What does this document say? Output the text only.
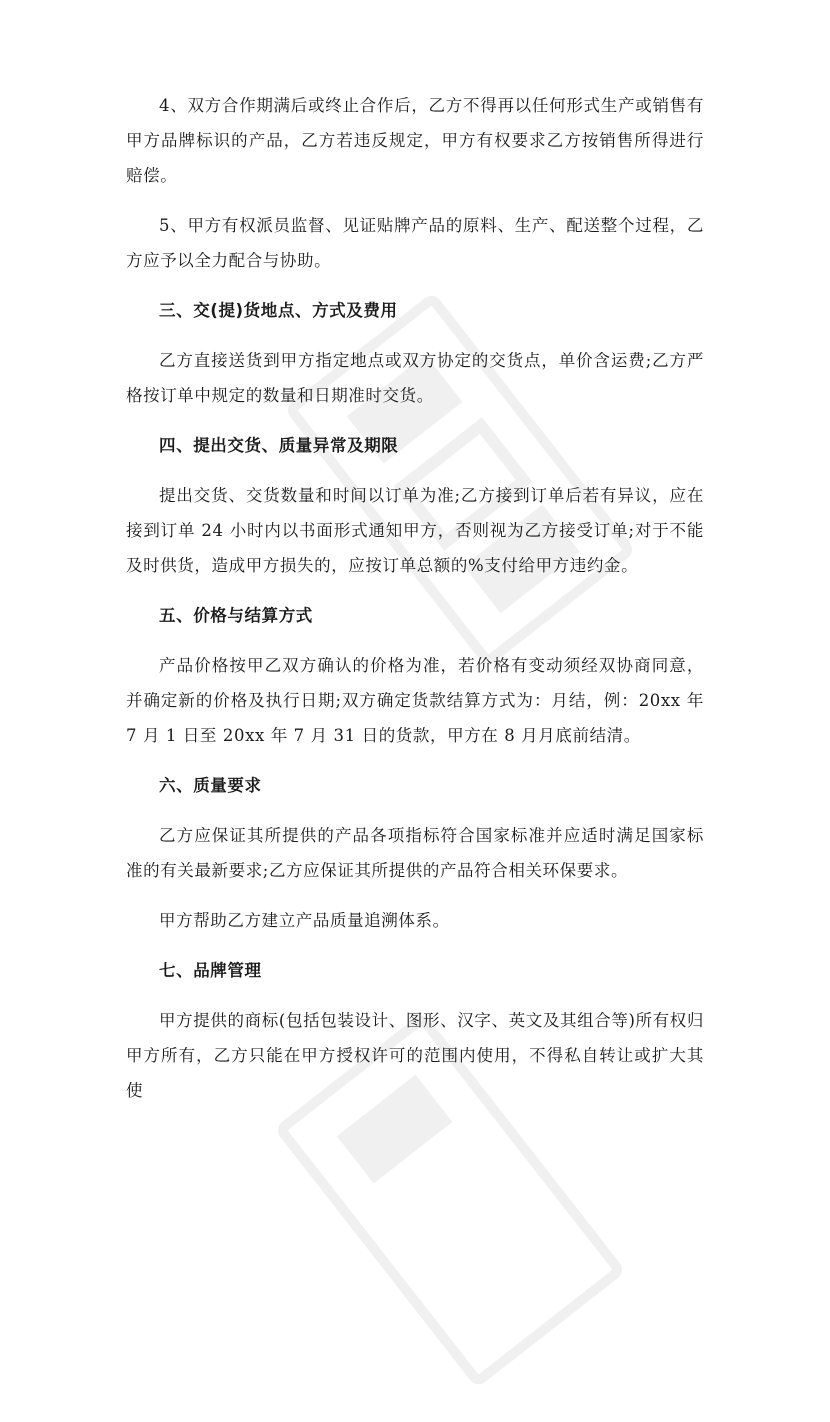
4、双方合作期满后或终止合作后，乙方不得再以任何形式生产或销售有甲方品牌标识的产品，乙方若违反规定，甲方有权要求乙方按销售所得进行赔偿。

5、甲方有权派员监督、见证贴牌产品的原料、生产、配送整个过程，乙方应予以全力配合与协助。

三、交(提)货地点、方式及费用

乙方直接送货到甲方指定地点或双方协定的交货点，单价含运费;乙方严格按订单中规定的数量和日期准时交货。

四、提出交货、质量异常及期限

提出交货、交货数量和时间以订单为准;乙方接到订单后若有异议，应在接到订单 24 小时内以书面形式通知甲方，否则视为乙方接受订单;对于不能及时供货，造成甲方损失的，应按订单总额的%支付给甲方违约金。

五、价格与结算方式

产品价格按甲乙双方确认的价格为准，若价格有变动须经双协商同意，并确定新的价格及执行日期;双方确定货款结算方式为：月结，例：20xx 年 7 月 1 日至 20xx 年 7 月 31 日的货款，甲方在 8 月月底前结清。

六、质量要求

乙方应保证其所提供的产品各项指标符合国家标准并应适时满足国家标准的有关最新要求;乙方应保证其所提供的产品符合相关环保要求。

甲方帮助乙方建立产品质量追溯体系。

七、品牌管理

甲方提供的商标(包括包装设计、图形、汉字、英文及其组合等)所有权归甲方所有，乙方只能在甲方授权许可的范围内使用，不得私自转让或扩大其使
